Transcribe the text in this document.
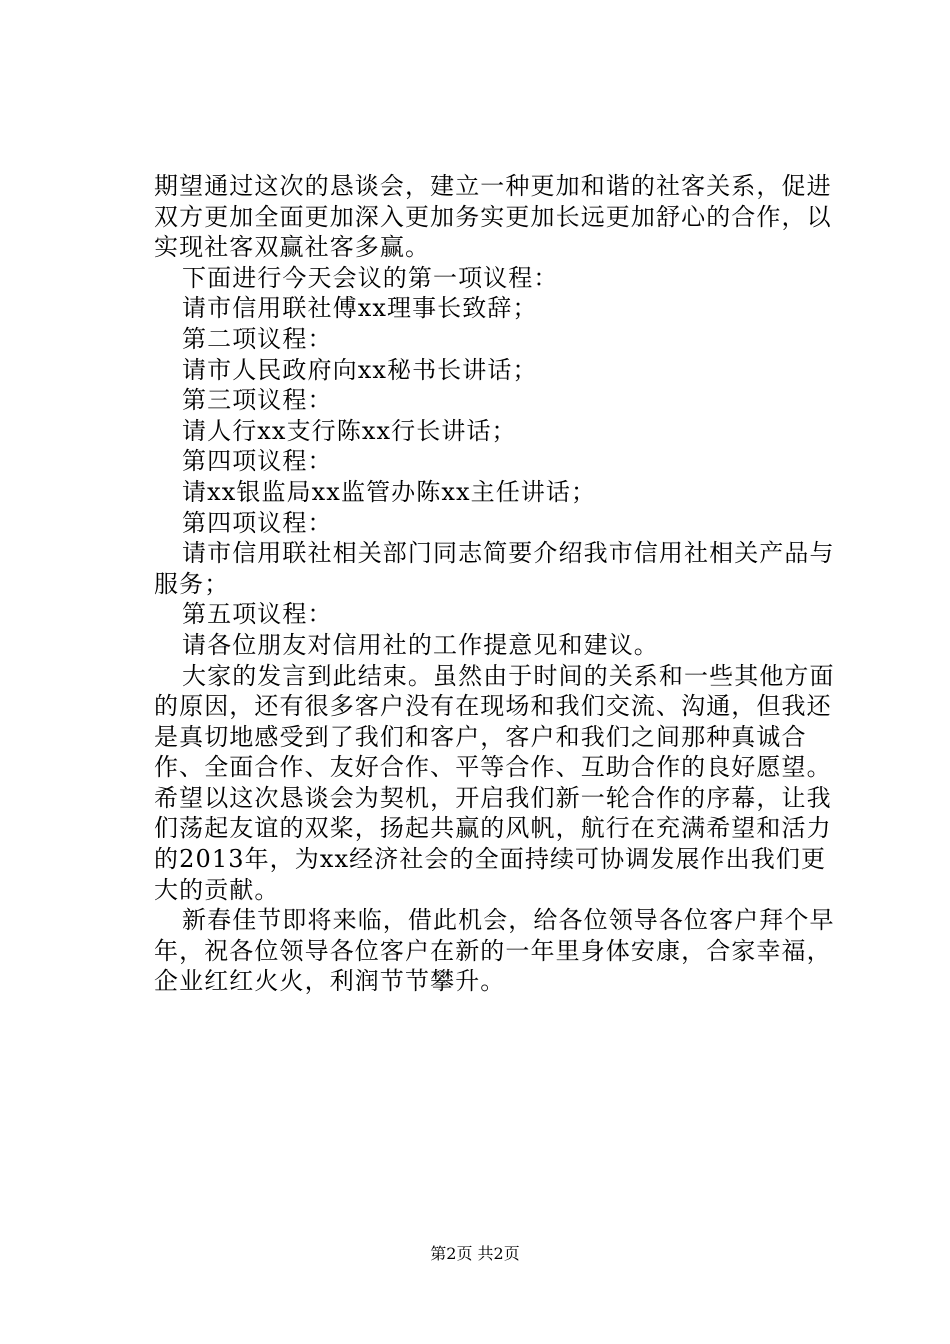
期望通过这次的恳谈会，建立一种更加和谐的社客关系，促进双方更加全面更加深入更加务实更加长远更加舒心的合作，以实现社客双赢社客多赢。

下面进行今天会议的第一项议程：

请市信用联社傅xx理事长致辞；

第二项议程：

请市人民政府向xx秘书长讲话；

第三项议程：

请人行xx支行陈xx行长讲话；

第四项议程：

请xx银监局xx监管办陈xx主任讲话；

第四项议程：

请市信用联社相关部门同志简要介绍我市信用社相关产品与服务；

第五项议程：

请各位朋友对信用社的工作提意见和建议。

大家的发言到此结束。虽然由于时间的关系和一些其他方面的原因，还有很多客户没有在现场和我们交流、沟通，但我还是真切地感受到了我们和客户，客户和我们之间那种真诚合作、全面合作、友好合作、平等合作、互助合作的良好愿望。希望以这次恳谈会为契机，开启我们新一轮合作的序幕，让我们荡起友谊的双桨，扬起共赢的风帆，航行在充满希望和活力的2013年，为xx经济社会的全面持续可协调发展作出我们更大的贡献。

新春佳节即将来临，借此机会，给各位领导各位客户拜个早年，祝各位领导各位客户在新的一年里身体安康，合家幸福，企业红红火火，利润节节攀升。

第2页 共2页
